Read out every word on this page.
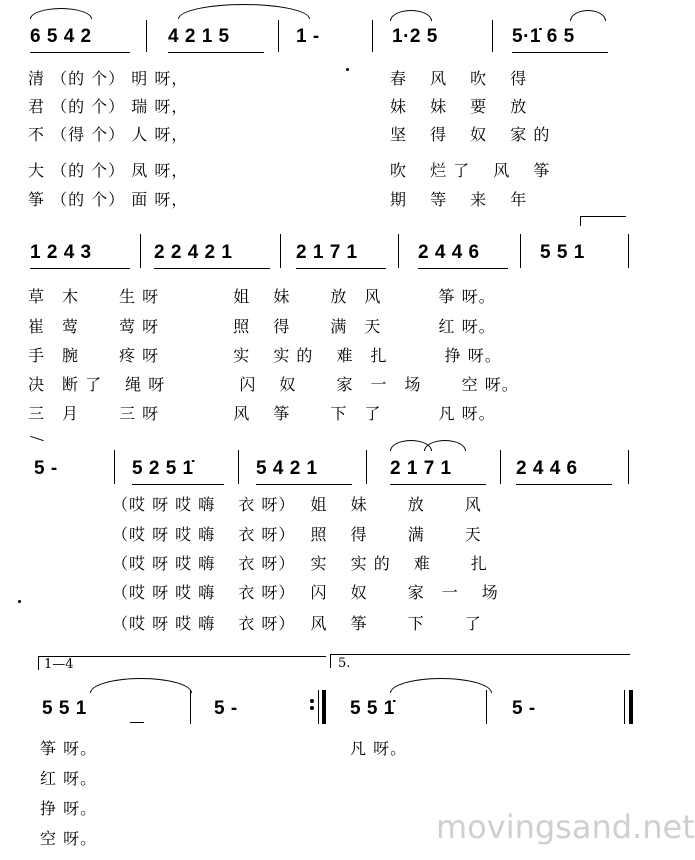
6 5 4 2	4 2 1 5	1 -	1·2 5	5·1̇ 6 5
清 （的 个） 明 呀，
君 （的 个） 瑞 呀，
不 （得 个） 人 呀，
大 （的 个） 凤 呀，
筝 （的 个） 面 呀，
春　 风　 吹　 得
妹　 妹　 要　 放
坚　 得　 奴　 家 的
吹　 烂 了　 风　 筝
期　 等　 来　 年
1 2 4 3	2 2 4 2 1	2 1 7 1	2 4 4 6	5 5 1
草　木　　 生 呀　　　　 姐　 妹　　 放　风　　　 筝 呀。
崔　莺　　 莺 呀　　　　 照　 得　　 满　天　　　 红 呀。
手　腕　　 疼 呀　　　　 实　 实 的　 难　扎　　　 挣 呀。
决　断 了　 绳 呀　　　　 闪　 奴　　 家　一　场　　 空 呀。
三　月　　 三 呀　　　　 风　 筝　　 下　了　　　 凡 呀。
5 -	5 2 5 1̇	5 4 2 1	2 1 7 1	2 4 4 6
（哎 呀 哎 嗨　 衣 呀）　 姐　 妹　　 放　　 风
（哎 呀 哎 嗨　 衣 呀）　 照　 得　　 满　　 天
（哎 呀 哎 嗨　 衣 呀）　 实　 实 的　 难　　 扎
（哎 呀 哎 嗨　 衣 呀）　 闪　 奴　　 家　一　 场
（哎 呀 哎 嗨　 衣 呀）　 风　 筝　　 下　　 了
1—4	5.
5 5 1	5 -	5 5 1̇	5 -
筝 呀。
红 呀。
挣 呀。
空 呀。
凡 呀。
movingsand.net
